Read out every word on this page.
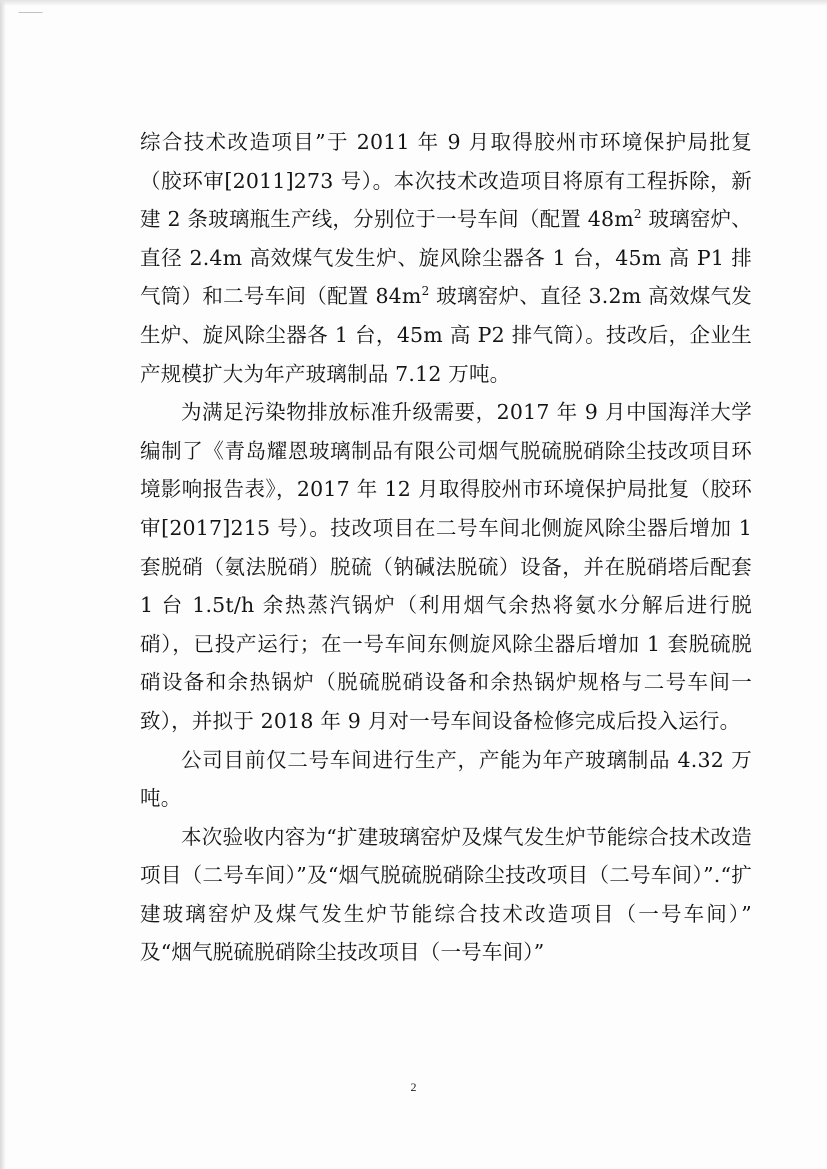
综合技术改造项目”于 2011 年 9 月取得胶州市环境保护局批复（胶环审[2011]273 号）。本次技术改造项目将原有工程拆除，新建 2 条玻璃瓶生产线，分别位于一号车间（配置 $48m^2$ 玻璃窑炉、直径 2.4m 高效煤气发生炉、旋风除尘器各 1 台，45m 高 P1 排气筒）和二号车间（配置 $84m^2$ 玻璃窑炉、直径 3.2m 高效煤气发生炉、旋风除尘器各 1 台，45m 高 P2 排气筒）。技改后，企业生产规模扩大为年产玻璃制品 7.12 万吨。

为满足污染物排放标准升级需要，2017 年 9 月中国海洋大学编制了《青岛耀恩玻璃制品有限公司烟气脱硫脱硝除尘技改项目环境影响报告表》，2017 年 12 月取得胶州市环境保护局批复（胶环审[2017]215 号）。技改项目在二号车间北侧旋风除尘器后增加 1 套脱硝（氨法脱硝）脱硫（钠碱法脱硫）设备，并在脱硝塔后配套 1 台 1.5t/h 余热蒸汽锅炉（利用烟气余热将氨水分解后进行脱硝），已投产运行；在一号车间东侧旋风除尘器后增加 1 套脱硫脱硝设备和余热锅炉（脱硫脱硝设备和余热锅炉规格与二号车间一致），并拟于 2018 年 9 月对一号车间设备检修完成后投入运行。

公司目前仅二号车间进行生产，产能为年产玻璃制品 4.32 万吨。

本次验收内容为“扩建玻璃窑炉及煤气发生炉节能综合技术改造项目（二号车间）”及“烟气脱硫脱硝除尘技改项目（二号车间）”.“扩建玻璃窑炉及煤气发生炉节能综合技术改造项目（一号车间）” 及“烟气脱硫脱硝除尘技改项目（一号车间）”

2
